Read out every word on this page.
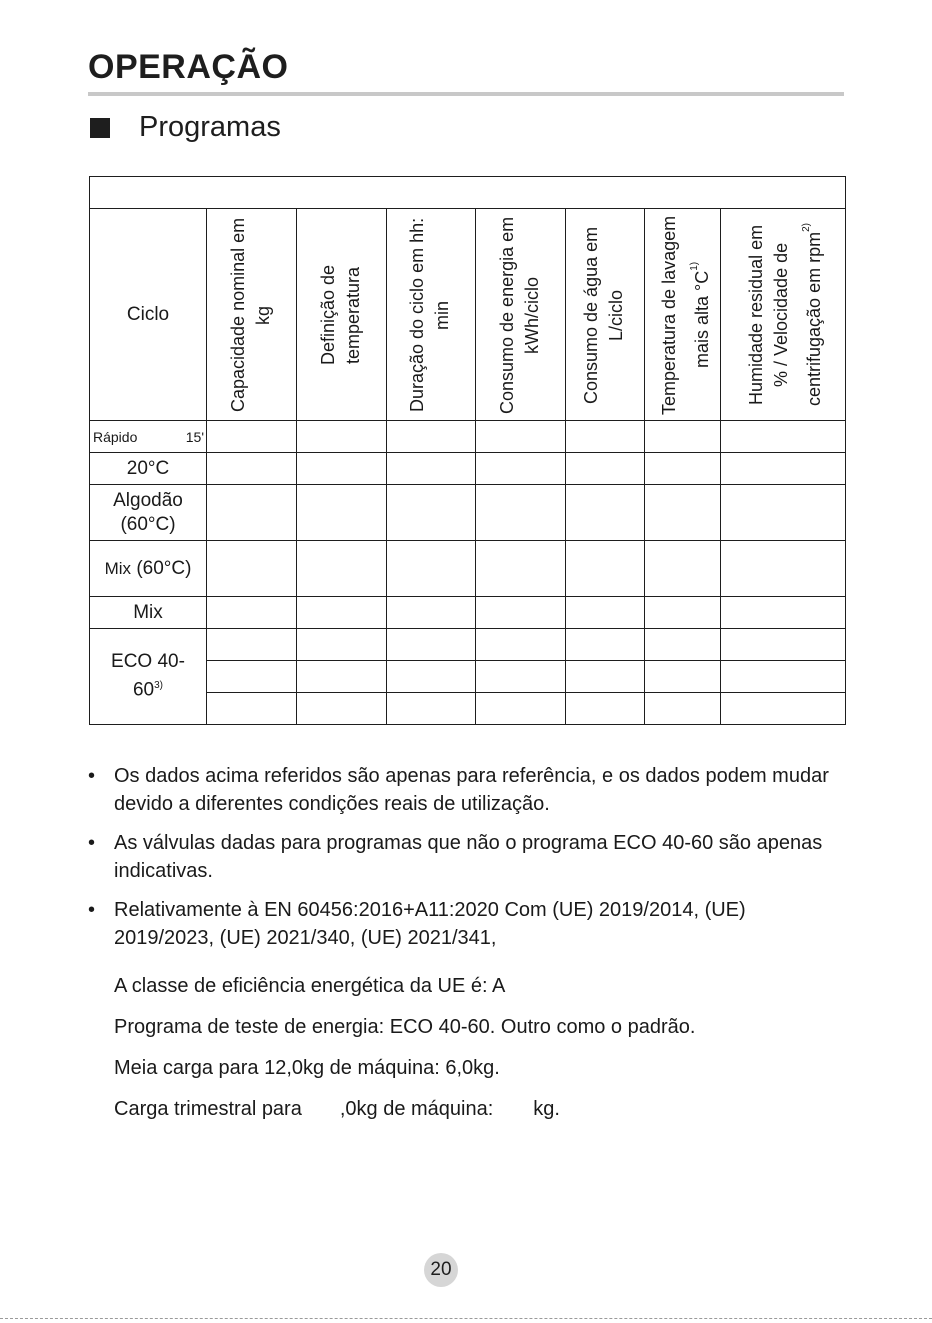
OPERAÇÃO
Programas

Ciclo	Capacidade nominal em kg	Definição de temperatura	Duração do ciclo em hh: min	Consumo de energia em kWh/ciclo	Consumo de água em L/ciclo	Temperatura de lavagem mais alta $^\circ C^{1)}$	Humidade residual em % / Velocidade de centrifugação em rpm$^{2)}$

Rápido 15'							

20°C							

Algodão
(60°C)							

Mix (60°C)							
Mix							

ECO 40-
60$^{3)}$

• Os dados acima referidos são apenas para referência, e os dados podem mudar devido a diferentes condições reais de utilização.
• As válvulas dadas para programas que não o programa ECO 40-60 são apenas indicativas.
• Relativamente à EN 60456:2016+A11:2020 Com (UE) 2019/2014, (UE) 2019/2023, (UE) 2021/340, (UE) 2021/341,
A classe de eficiência energética da UE é: A
Programa de teste de energia: ECO 40-60. Outro como o padrão.
Meia carga para 12,0kg de máquina: 6,0kg.
Carga trimestral para ,0kg de máquina: kg.
20
